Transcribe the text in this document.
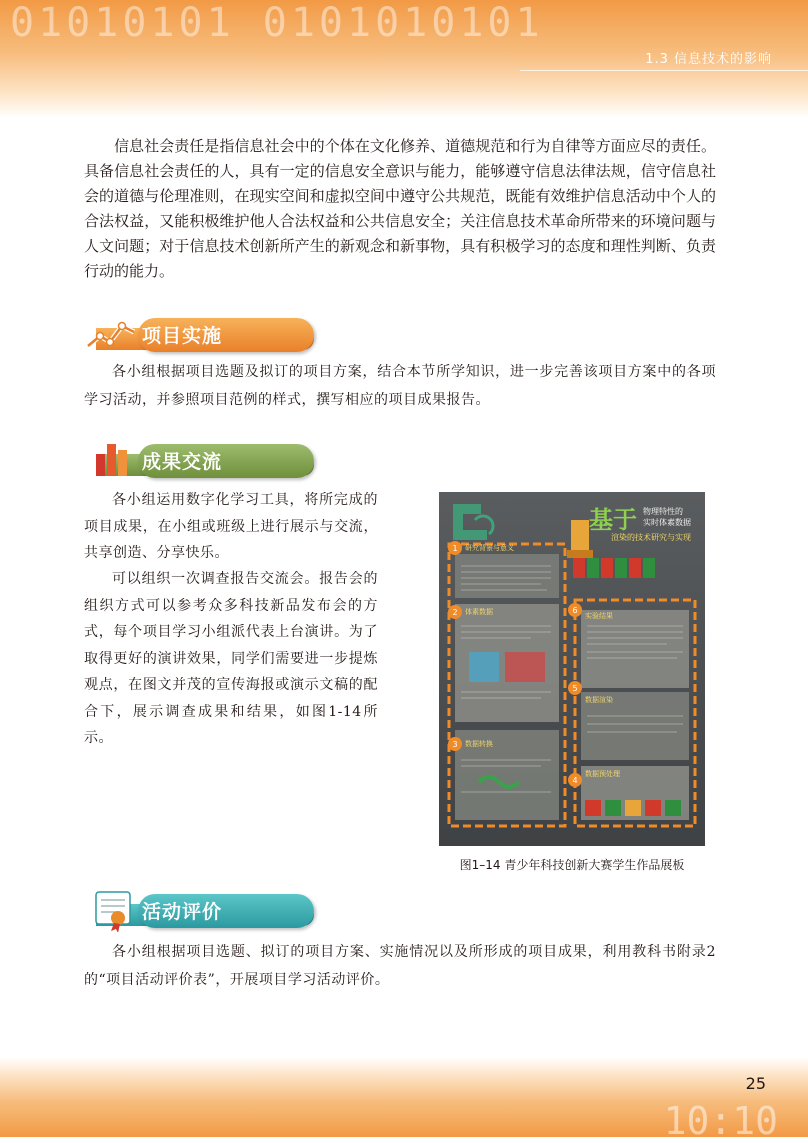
01010101 0101010101
1.3 信息技术的影响

信息社会责任是指信息社会中的个体在文化修养、道德规范和行为自律等方面应尽的责任。具备信息社会责任的人，具有一定的信息安全意识与能力，能够遵守信息法律法规，信守信息社会的道德与伦理准则，在现实空间和虚拟空间中遵守公共规范，既能有效维护信息活动中个人的合法权益，又能积极维护他人合法权益和公共信息安全；关注信息技术革命所带来的环境问题与人文问题；对于信息技术创新所产生的新观念和新事物，具有积极学习的态度和理性判断、负责行动的能力。

项目实施

各小组根据项目选题及拟订的项目方案，结合本节所学知识，进一步完善该项目方案中的各项学习活动，并参照项目范例的样式，撰写相应的项目成果报告。

成果交流

各小组运用数字化学习工具，将所完成的项目成果，在小组或班级上进行展示与交流，共享创造、分享快乐。

可以组织一次调查报告交流会。报告会的组织方式可以参考众多科技新品发布会的方式，每个项目学习小组派代表上台演讲。为了取得更好的演讲效果，同学们需要进一步提炼观点，在图文并茂的宣传海报或演示文稿的配合下，展示调查成果和结果，如图1-14所示。

1
2
3
4
5
6
研究背景与意义
体素数据
数据转换
数据预处理
数据渲染
实验结果
基于 物理特性的
实时体素数据
渲染的技术研究与实现
图1–14 青少年科技创新大赛学生作品展板
活动评价

各小组根据项目选题、拟订的项目方案、实施情况以及所形成的项目成果，利用教科书附录2的“项目活动评价表”，开展项目学习活动评价。

10:10
25
